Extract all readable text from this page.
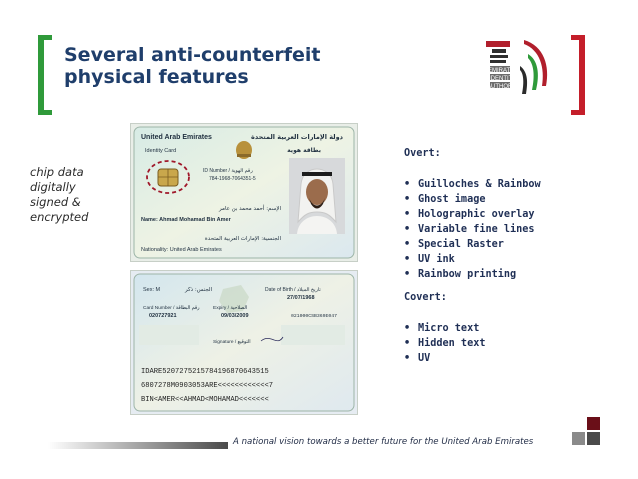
Several anti-counterfeit
physical features	EMIRATES
IDENTITY
AUTHORITY
chip data
digitally
signed &
encrypted
United Arab Emirates	دولة الإمارات العربية المتحدة
Identity Card	بطاقة هوية
ID Number / رقم الهوية
784-1968-7064351-5
الإسم: أحمد محمد بن عامر
Name: Ahmad Mohamad Bin Amer
الجنسية: الإمارات العربية المتحدة
Nationality: United Arab Emirates
Sex: M	الجنس: ذكر	Date of Birth / تاريخ الميلاد
27/07/1968
Card Number / رقم البطاقة
020727921
Expiry / الصلاحية
09/03/2009	021000CSB369E047
Signature / التوقيع
IDARE5207275215784196870643515
6807278M0903053ARE<<<<<<<<<<<<7
BIN<AMER<<AHMAD<MOHAMAD<<<<<<<
Overt:
• Guilloches & Rainbow
• Ghost image
• Holographic overlay
• Variable fine lines
• Special Raster
• UV ink
• Rainbow printing
Covert:
• Micro text
• Hidden text
• UV
A national vision towards a better future for the United Arab Emirates
